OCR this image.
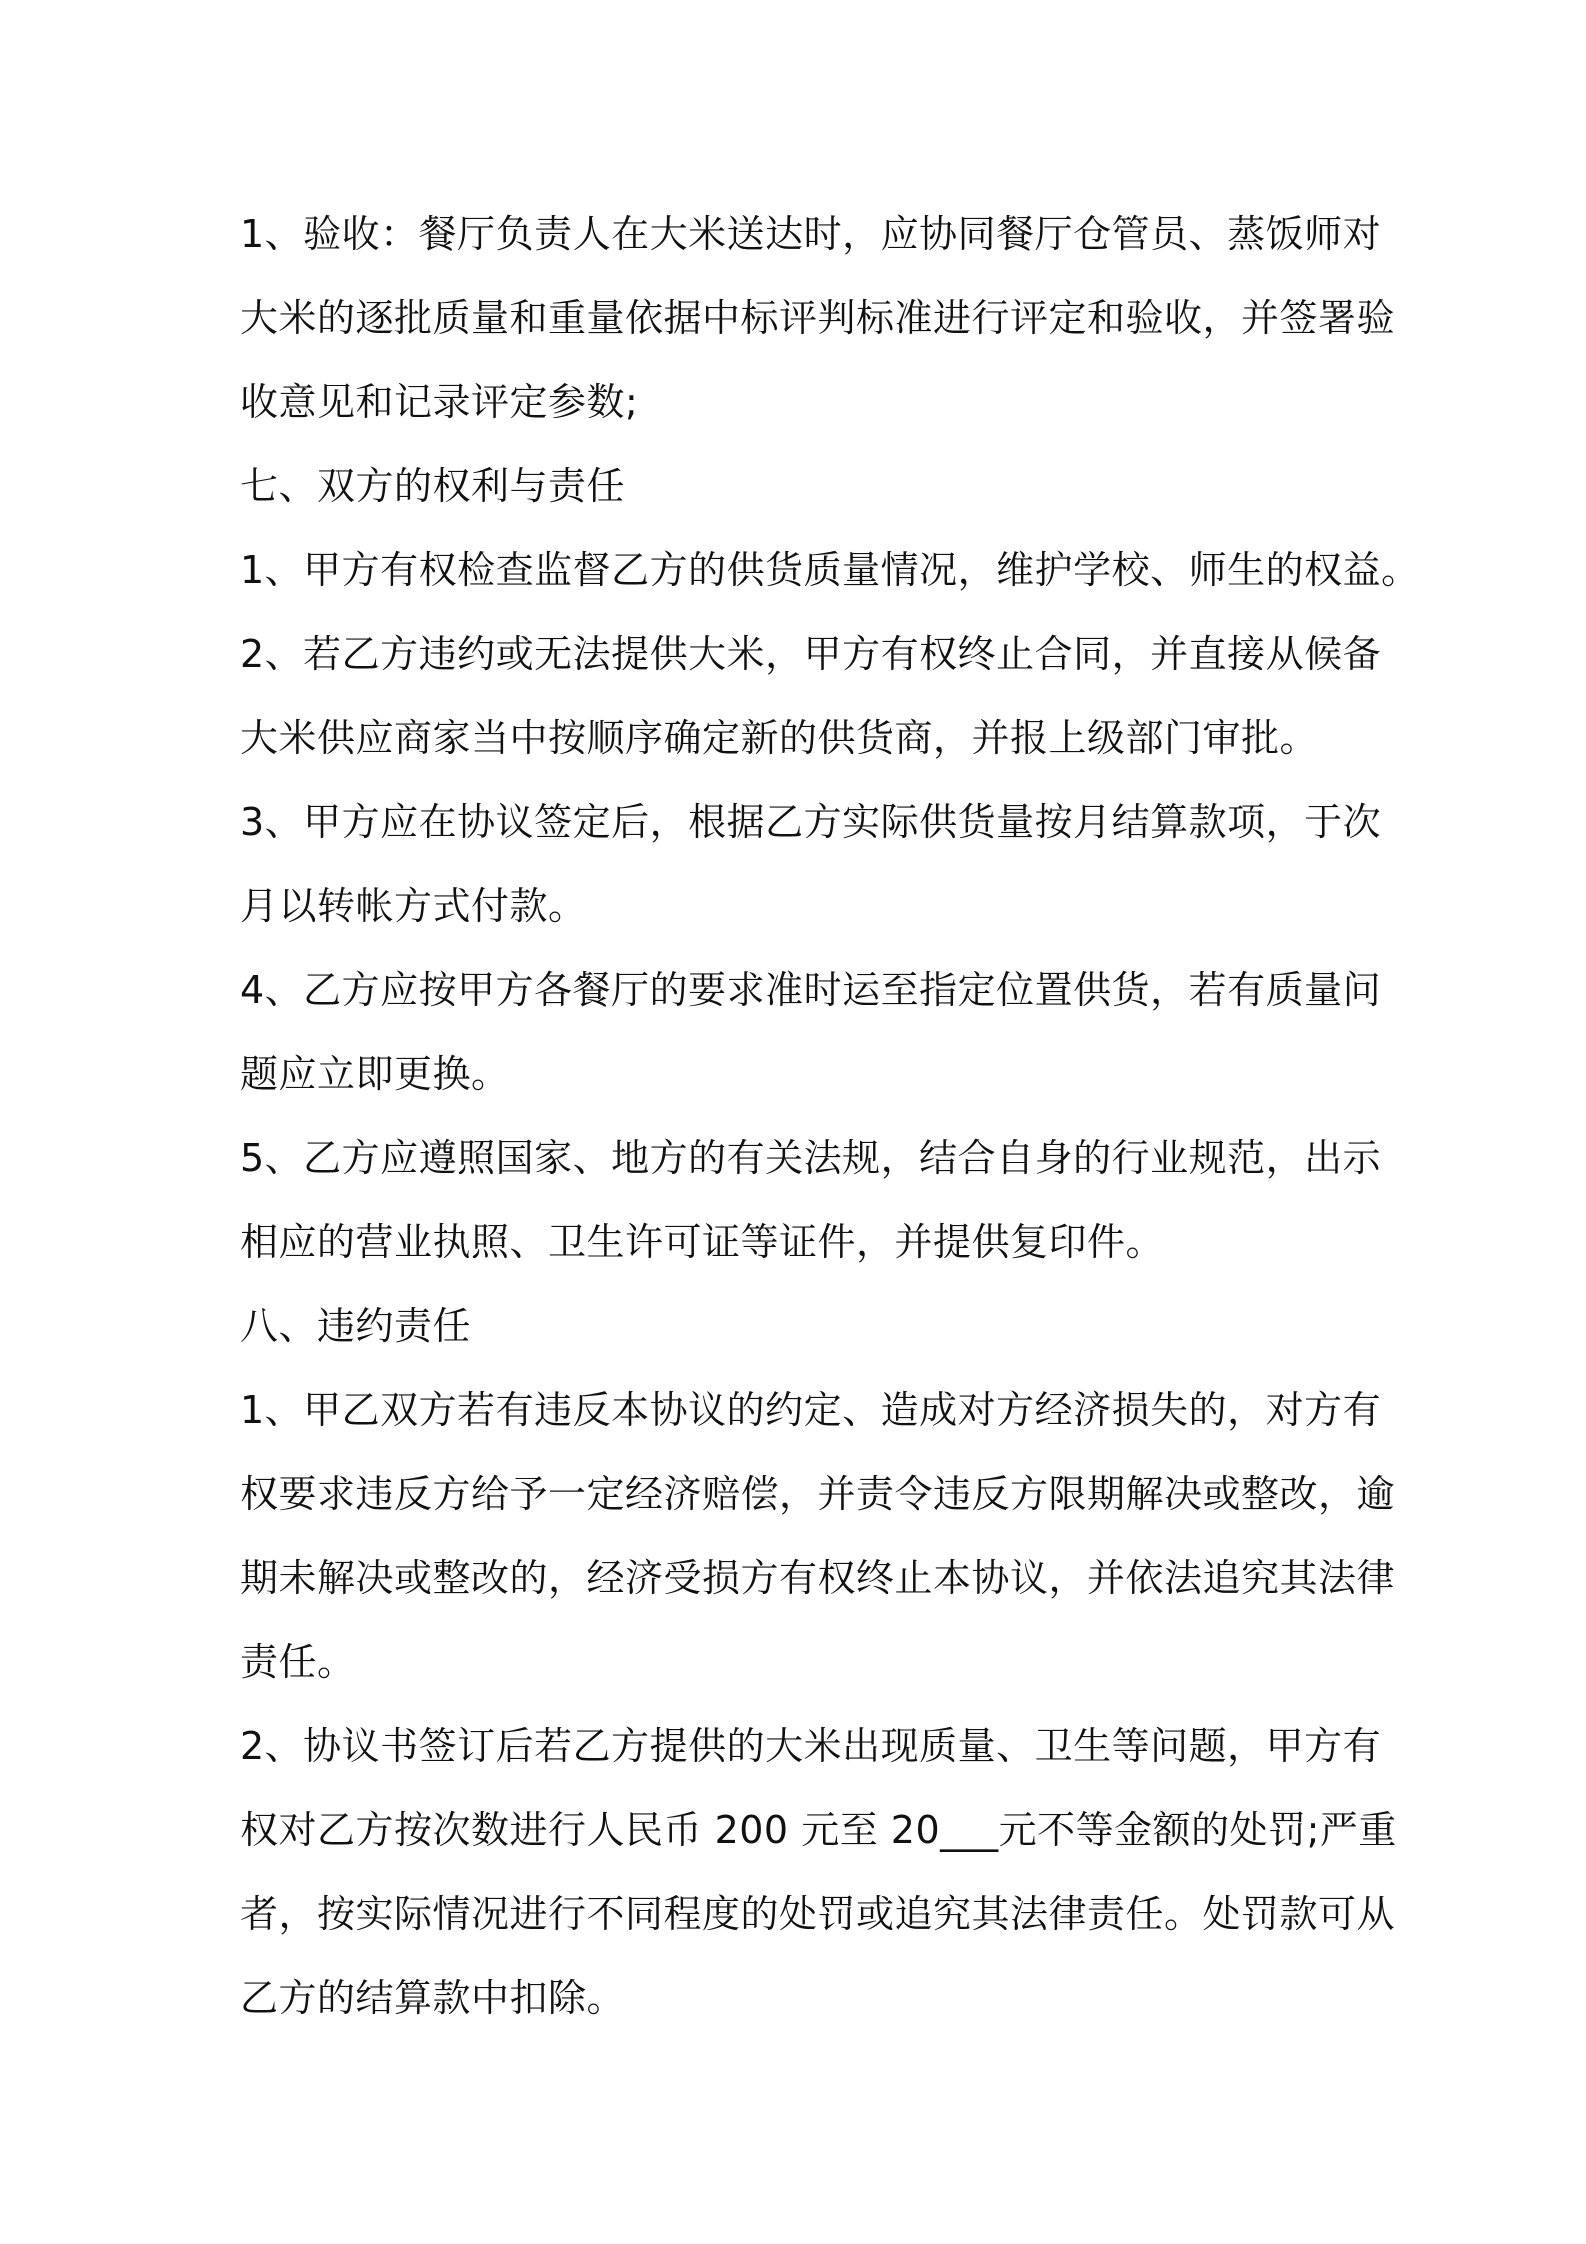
1、验收：餐厅负责人在大米送达时，应协同餐厅仓管员、蒸饭师对
大米的逐批质量和重量依据中标评判标准进行评定和验收，并签署验
收意见和记录评定参数;
七、双方的权利与责任
1、甲方有权检查监督乙方的供货质量情况，维护学校、师生的权益。
2、若乙方违约或无法提供大米，甲方有权终止合同，并直接从候备
大米供应商家当中按顺序确定新的供货商，并报上级部门审批。
3、甲方应在协议签定后，根据乙方实际供货量按月结算款项，于次
月以转帐方式付款。
4、乙方应按甲方各餐厅的要求准时运至指定位置供货，若有质量问
题应立即更换。
5、乙方应遵照国家、地方的有关法规，结合自身的行业规范，出示
相应的营业执照、卫生许可证等证件，并提供复印件。
八、违约责任
1、甲乙双方若有违反本协议的约定、造成对方经济损失的，对方有
权要求违反方给予一定经济赔偿，并责令违反方限期解决或整改，逾
期未解决或整改的，经济受损方有权终止本协议，并依法追究其法律
责任。
2、协议书签订后若乙方提供的大米出现质量、卫生等问题，甲方有
权对乙方按次数进行人民币 200 元至 20___元不等金额的处罚;严重
者，按实际情况进行不同程度的处罚或追究其法律责任。处罚款可从
乙方的结算款中扣除。
